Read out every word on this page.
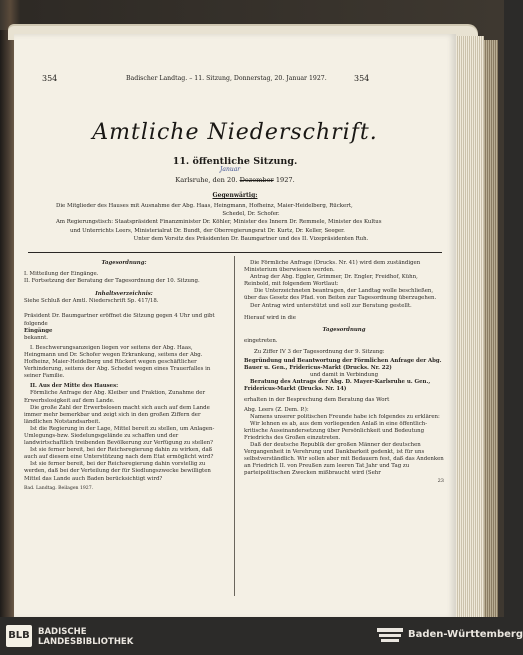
354	Badischer Landtag. – 11. Sitzung, Donnerstag, 20. Januar 1927.	354
Amtliche Niederschrift.
11. öffentliche Sitzung.
Karlsruhe, den 20. Dezember 1927.
Januar
Gegenwärtig:
Die Mitglieder des Hauses mit Ausnahme der Abg. Haas, Heingmann, Hofheinz, Maier-Heidelberg, Rückert,
Schedel, Dr. Schofer.
Am Regierungstisch: Staatspräsident Finanzminister Dr. Köhler, Minister des Innern Dr. Remmele, Minister des Kultus
und Unterrichts Leers, Ministerialrat Dr. Bundt, der Oberregierungsrat Dr. Kurtz, Dr. Keller, Seeger.
Unter dem Vorsitz des Präsidenten Dr. Baumgartner und des II. Vizepräsidenten Ruh.

Tagesordnung:

I. Mitteilung der Eingänge.

II. Fortsetzung der Beratung der Tagesordnung der 10. Sitzung.

Inhaltsverzeichnis:

Siehe Schluß der Amtl. Niederschrift Sp. 417/18.

Präsident Dr. Baumgartner eröffnet die Sitzung gegen 4 Uhr und gibt folgende

Eingänge

bekannt.

I. Beschwerungsanzeigen liegen vor seitens der Abg. Haas, Heingmann und Dr. Schofer wegen Erkrankung, seitens der Abg. Hofheinz, Maier-Heidelberg und Rückert wegen geschäftlicher Verhinderung, seitens der Abg. Schedel wegen eines Trauerfalles in seiner Familie.

II. Aus der Mitte des Hauses:

Förmliche Anfrage der Abg. Kleiber und Fraktion, Zunahme der Erwerbslosigkeit auf dem Lande.

Die große Zahl der Erwerbslosen macht sich auch auf dem Lande immer mehr bemerkbar und zeigt sich in den großen Ziffern der ländlichen Notstandsarbeit.

Ist die Regierung in der Lage, Mittel bereit zu stellen, um Anlagen-Umlegungs-bzw. Siedelungsgelände zu schaffen und der landwirtschaftlich treibenden Bevölkerung zur Verfügung zu stellen?

Ist sie ferner bereit, bei der Reichsregierung dahin zu wirken, daß auch auf diesem eine Unterstützung nach dem Etat ermöglicht wird?

Ist sie ferner bereit, bei der Reichsregierung dahin vorstellig zu werden, daß bei der Verteilung der für Siedlungszwecke bewilligten Mittel das Lande auch Baden berücksichtigt wird?

Bad. Landtag. Beilagen 1927.

Die Förmliche Anfrage (Drucks. Nr. 41) wird dem zuständigen Ministerium überwiesen werden.

Antrag der Abg. Eggler, Grimmer, Dr. Engler, Freidhof, Kühn, Reinbold, mit folgendem Wortlaut:

Die Unterzeichneten beantragen, der Landtag wolle beschließen, über das Gesetz des Pfad. von Beiten zur Tagesordnung überzugehen.

Der Antrag wird unterstützt und soll zur Beratung gestellt.

Hierauf wird in die

Tagesordnung

eingetreten.

Zu Ziffer IV 3 der Tagesordnung der 9. Sitzung:

Begründung und Beantwortung der Förmlichen Anfrage der Abg. Bauer u. Gen., Fridericus-Markt (Drucks. Nr. 22)

und damit in Verbindung

Beratung des Antrags der Abg. D. Mayer-Karlsruhe u. Gen., Fridericus-Markt (Drucks. Nr. 14)

erhalten in der Besprechung dem Beratung das Wort

Abg. Leers (Z. Dem. P.):

Namens unserer politischen Freunde habe ich folgendes zu erklären:

Wir lehnen es ab, aus dem vorliegenden Anlaß in eine öffentlich-kritische Auseinandersetzung über Persönlichkeit und Bedeutung Friedrichs des Großen einzutreten.

Daß der deutsche Republik der großen Männer der deutschen Vergangenheit in Verehrung und Dankbarkeit gedenkt, ist für uns selbstverständlich. Wir sollen aber mit Bedauern fest, daß das Andenken an Friedrich II. von Preußen zum leeren Tat Jahr und Tag zu parteipolitischen Zwecken mißbraucht wird (Sehr

23

BLB BADISCHE
LANDESBIBLIOTHEK
Baden-Württemberg
